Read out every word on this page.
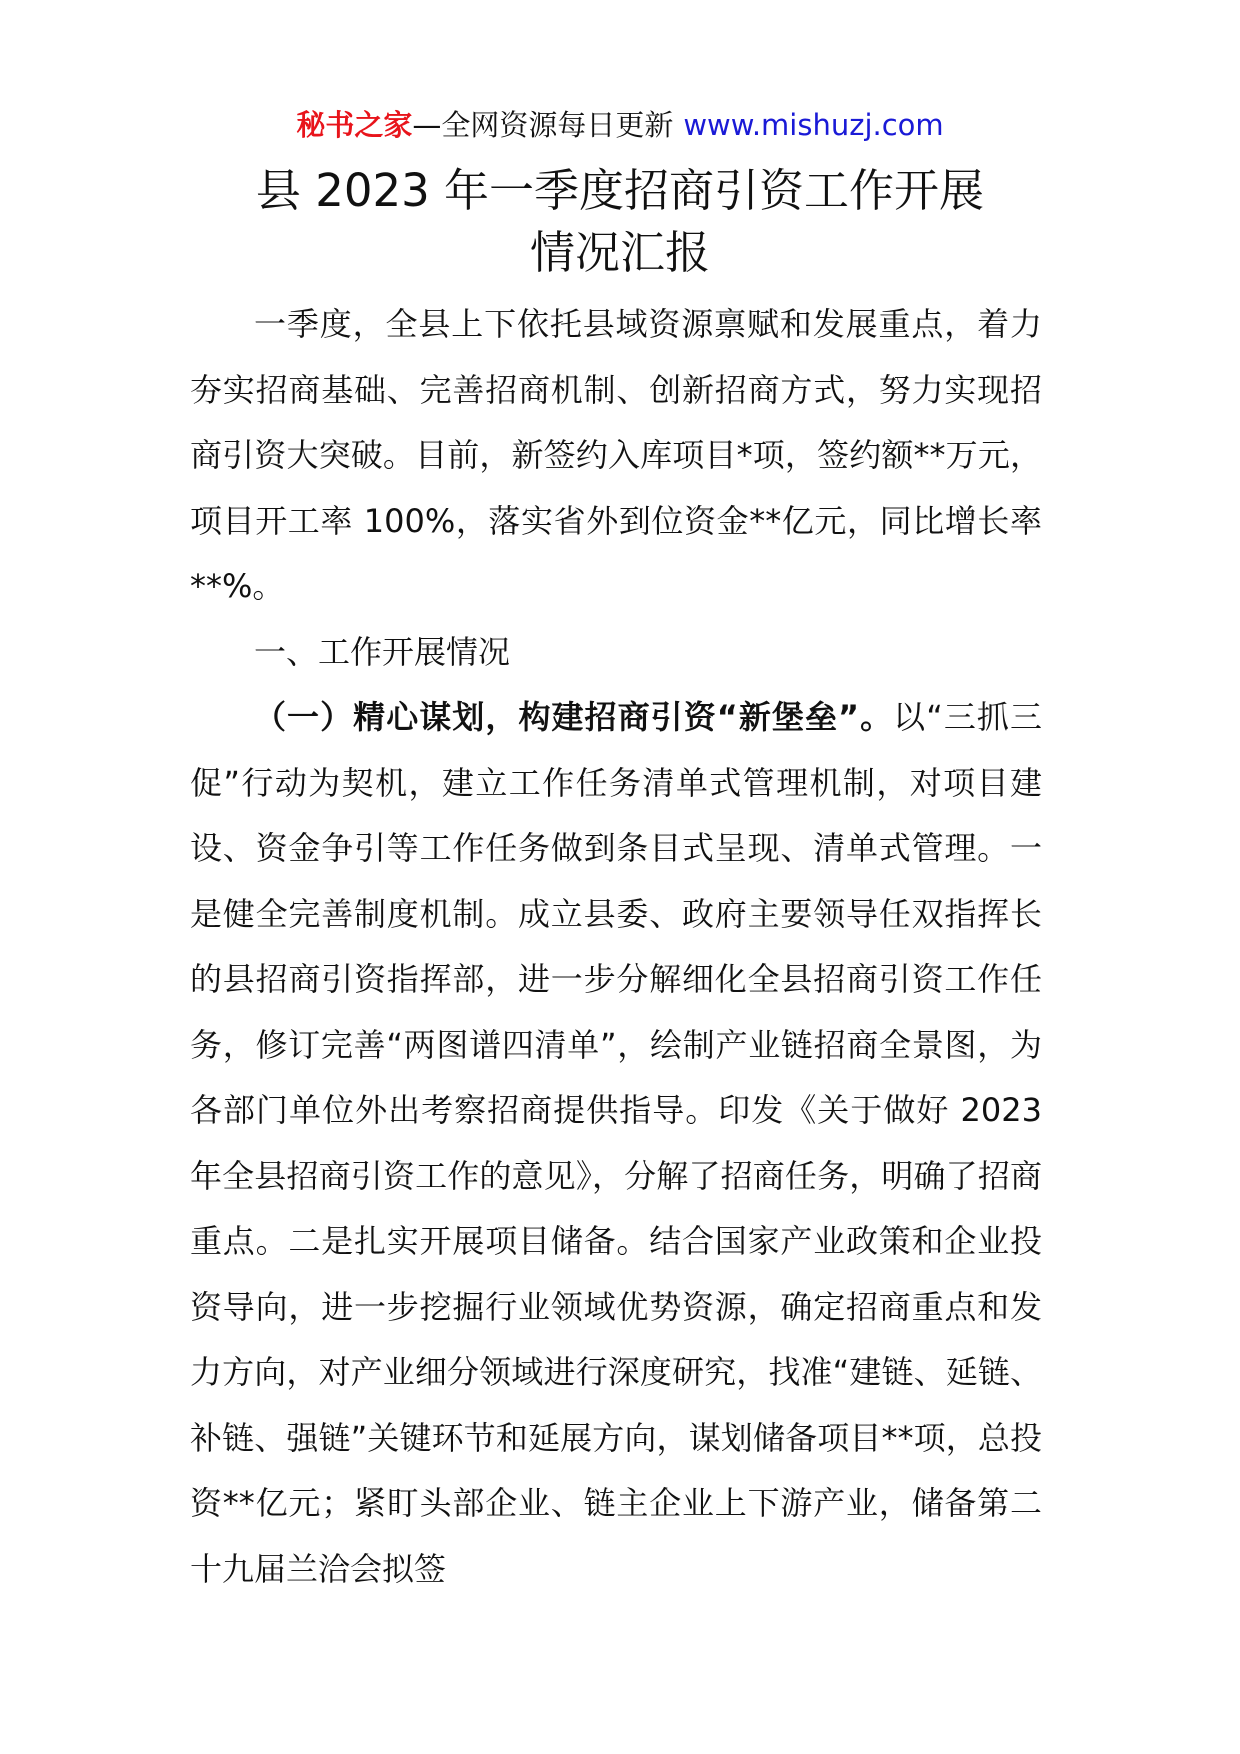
秘书之家—全网资源每日更新 www.mishuzj.com
县 2023 年一季度招商引资工作开展
情况汇报

一季度，全县上下依托县域资源禀赋和发展重点，着力夯实招商基础、完善招商机制、创新招商方式，努力实现招商引资大突破。目前，新签约入库项目*项，签约额**万元，项目开工率 100%，落实省外到位资金**亿元，同比增长率**%。

一、工作开展情况

（一）精心谋划，构建招商引资“新堡垒”。以“三抓三促”行动为契机，建立工作任务清单式管理机制，对项目建设、资金争引等工作任务做到条目式呈现、清单式管理。一是健全完善制度机制。成立县委、政府主要领导任双指挥长的县招商引资指挥部，进一步分解细化全县招商引资工作任务，修订完善“两图谱四清单”，绘制产业链招商全景图，为各部门单位外出考察招商提供指导。印发《关于做好 2023 年全县招商引资工作的意见》，分解了招商任务，明确了招商重点。二是扎实开展项目储备。结合国家产业政策和企业投资导向，进一步挖掘行业领域优势资源，确定招商重点和发力方向，对产业细分领域进行深度研究，找准“建链、延链、补链、强链”关键环节和延展方向，谋划储备项目**项，总投资**亿元；紧盯头部企业、链主企业上下游产业，储备第二十九届兰洽会拟签
